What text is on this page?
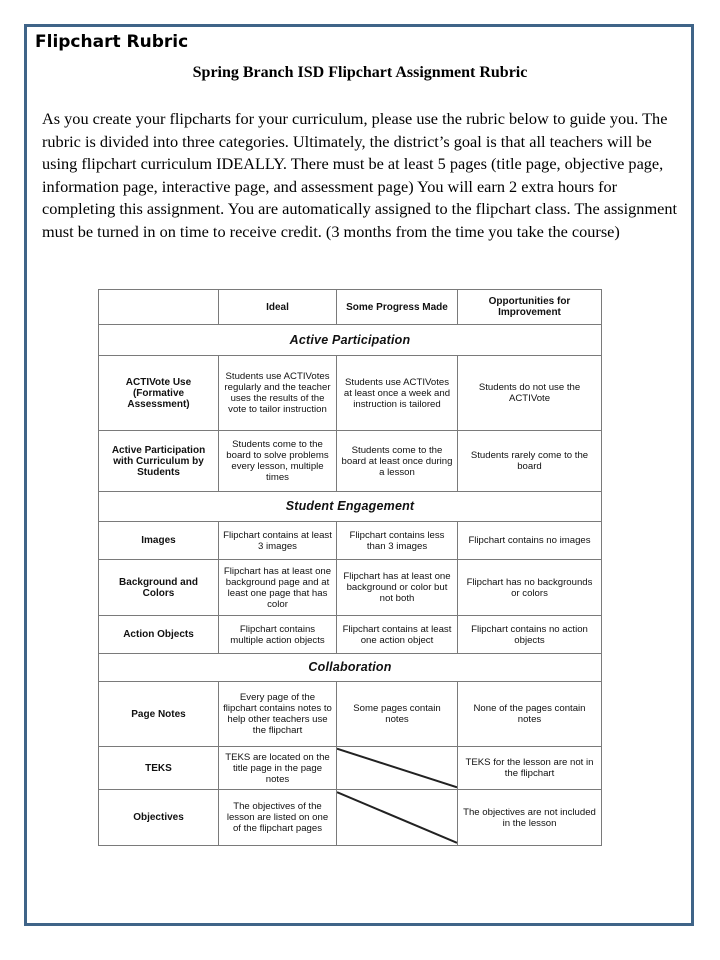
Flipchart Rubric
Spring Branch ISD Flipchart Assignment Rubric

As you create your flipcharts for your curriculum, please use the rubric below to guide you. The rubric is divided into three categories. Ultimately, the district’s goal is that all teachers will be using flipchart curriculum IDEALLY. There must be at least 5 pages (title page, objective page, information page, interactive page, and assessment page) You will earn 2 extra hours for completing this assignment. You are automatically assigned to the flipchart class. The assignment must be turned in on time to receive credit. (3 months from the time you take the course)

	Ideal	Some Progress Made	Opportunities for Improvement
Active Participation			
ACTIVote Use (Formative Assessment)	Students use ACTIVotes regularly and the teacher uses the results of the vote to tailor instruction	Students use ACTIVotes at least once a week and instruction is tailored	Students do not use the ACTIVote
Active Participation with Curriculum by Students	Students come to the board to solve problems every lesson, multiple times	Students come to the board at least once during a lesson	Students rarely come to the board
Student Engagement			
Images	Flipchart contains at least 3 images	Flipchart contains less than 3 images	Flipchart contains no images
Background and Colors	Flipchart has at least one background page and at least one page that has color	Flipchart has at least one background or color but not both	Flipchart has no backgrounds or colors
Action Objects	Flipchart contains multiple action objects	Flipchart contains at least one action object	Flipchart contains no action objects
Collaboration			
Page Notes	Every page of the flipchart contains notes to help other teachers use the flipchart	Some pages contain notes	None of the pages contain notes
TEKS	TEKS are located on the title page in the page notes		TEKS for the lesson are not in the flipchart
Objectives	The objectives of the lesson are listed on one of the flipchart pages		The objectives are not included in the lesson
